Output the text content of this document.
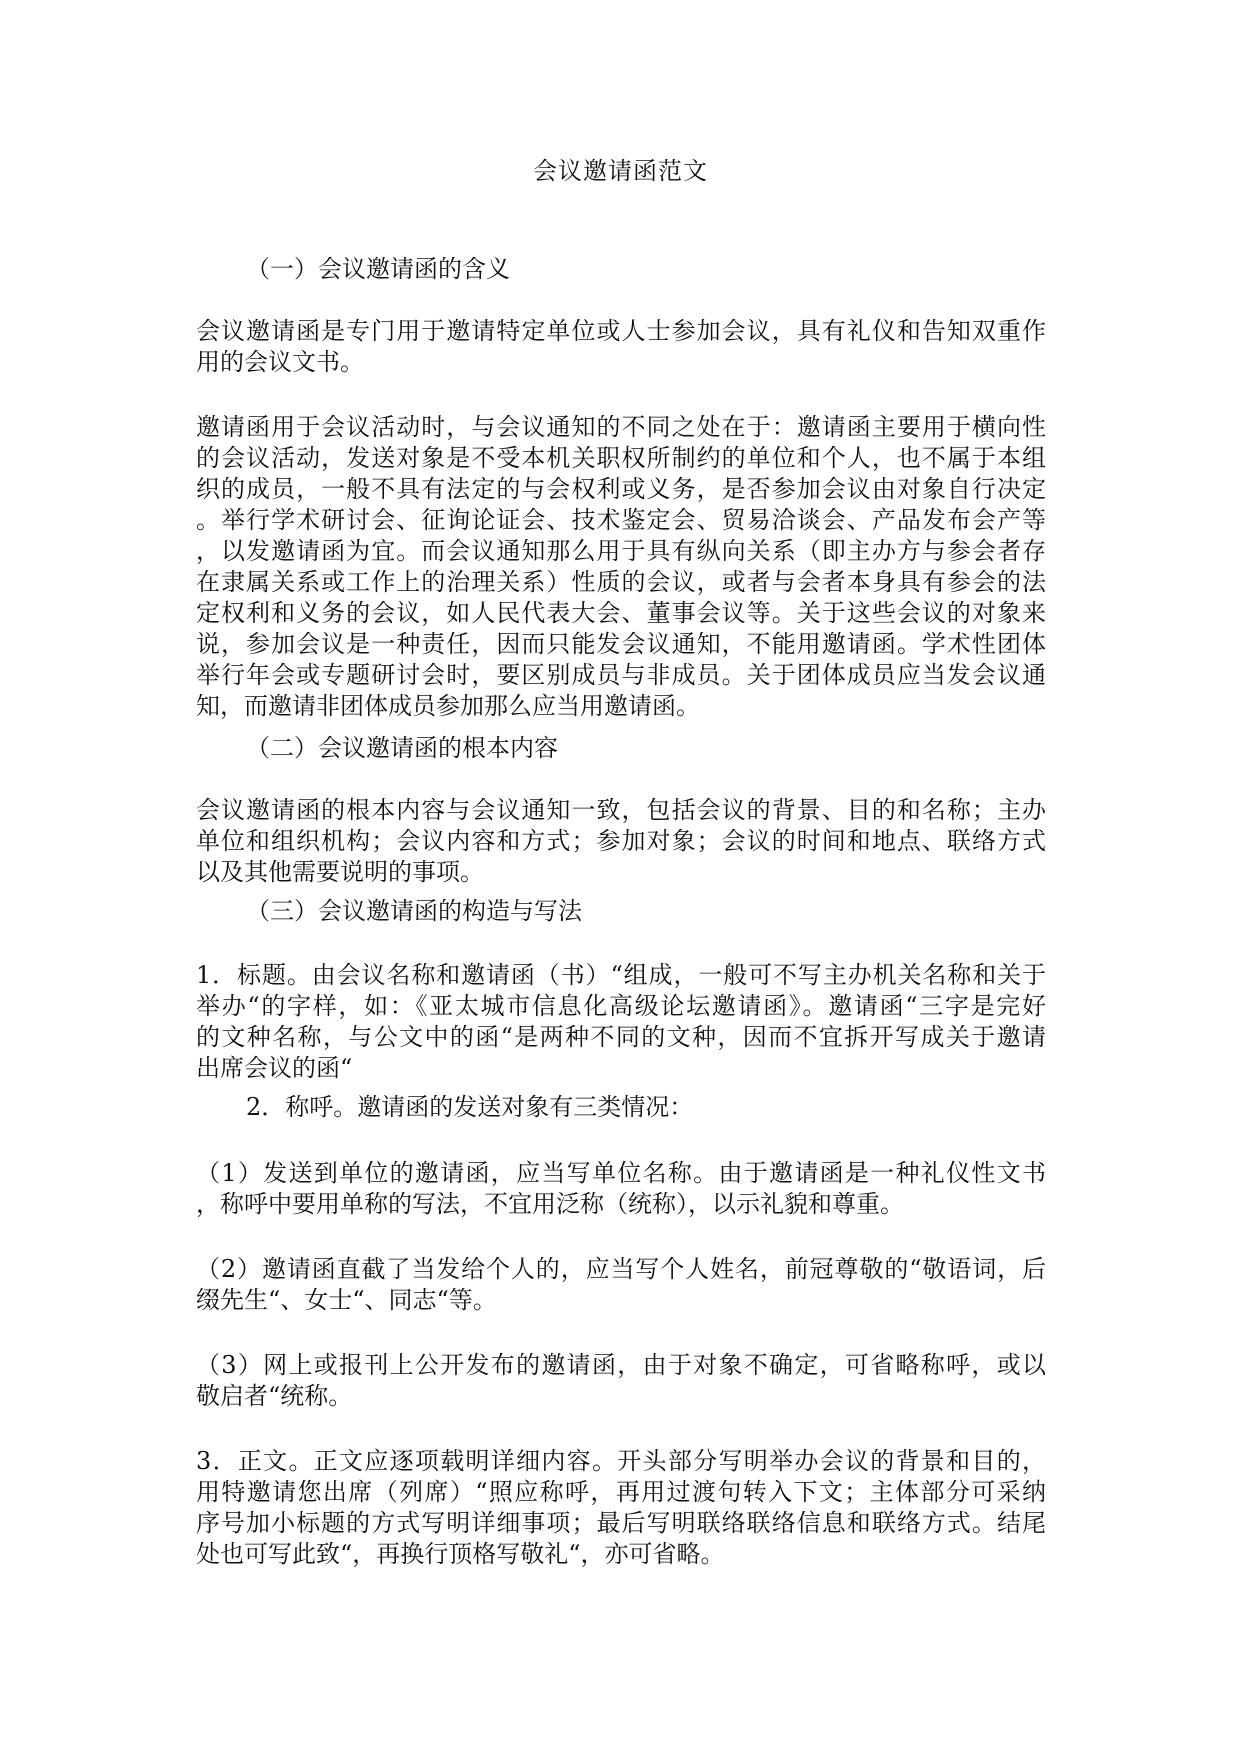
会议邀请函范文
（一）会议邀请函的含义
会议邀请函是专门用于邀请特定单位或人士参加会议，具有礼仪和告知双重作
用的会议文书。
邀请函用于会议活动时，与会议通知的不同之处在于：邀请函主要用于横向性
的会议活动，发送对象是不受本机关职权所制约的单位和个人，也不属于本组
织的成员，一般不具有法定的与会权利或义务，是否参加会议由对象自行决定
。举行学术研讨会、征询论证会、技术鉴定会、贸易洽谈会、产品发布会产等
，以发邀请函为宜。而会议通知那么用于具有纵向关系（即主办方与参会者存
在隶属关系或工作上的治理关系）性质的会议，或者与会者本身具有参会的法
定权利和义务的会议，如人民代表大会、董事会议等。关于这些会议的对象来
说，参加会议是一种责任，因而只能发会议通知，不能用邀请函。学术性团体
举行年会或专题研讨会时，要区别成员与非成员。关于团体成员应当发会议通
知，而邀请非团体成员参加那么应当用邀请函。
（二）会议邀请函的根本内容
会议邀请函的根本内容与会议通知一致，包括会议的背景、目的和名称；主办
单位和组织机构；会议内容和方式；参加对象；会议的时间和地点、联络方式
以及其他需要说明的事项。
（三）会议邀请函的构造与写法
1．标题。由会议名称和邀请函（书）“组成，一般可不写主办机关名称和关于
举办“的字样，如：《亚太城市信息化高级论坛邀请函》。邀请函“三字是完好
的文种名称，与公文中的函“是两种不同的文种，因而不宜拆开写成关于邀请
出席会议的函“
2．称呼。邀请函的发送对象有三类情况：
（1）发送到单位的邀请函，应当写单位名称。由于邀请函是一种礼仪性文书
，称呼中要用单称的写法，不宜用泛称（统称），以示礼貌和尊重。
（2）邀请函直截了当发给个人的，应当写个人姓名，前冠尊敬的“敬语词，后
缀先生“、女士“、同志“等。
（3）网上或报刊上公开发布的邀请函，由于对象不确定，可省略称呼，或以
敬启者“统称。
3．正文。正文应逐项载明详细内容。开头部分写明举办会议的背景和目的，
用特邀请您出席（列席）“照应称呼，再用过渡句转入下文；主体部分可采纳
序号加小标题的方式写明详细事项；最后写明联络联络信息和联络方式。结尾
处也可写此致“，再换行顶格写敬礼“，亦可省略。
